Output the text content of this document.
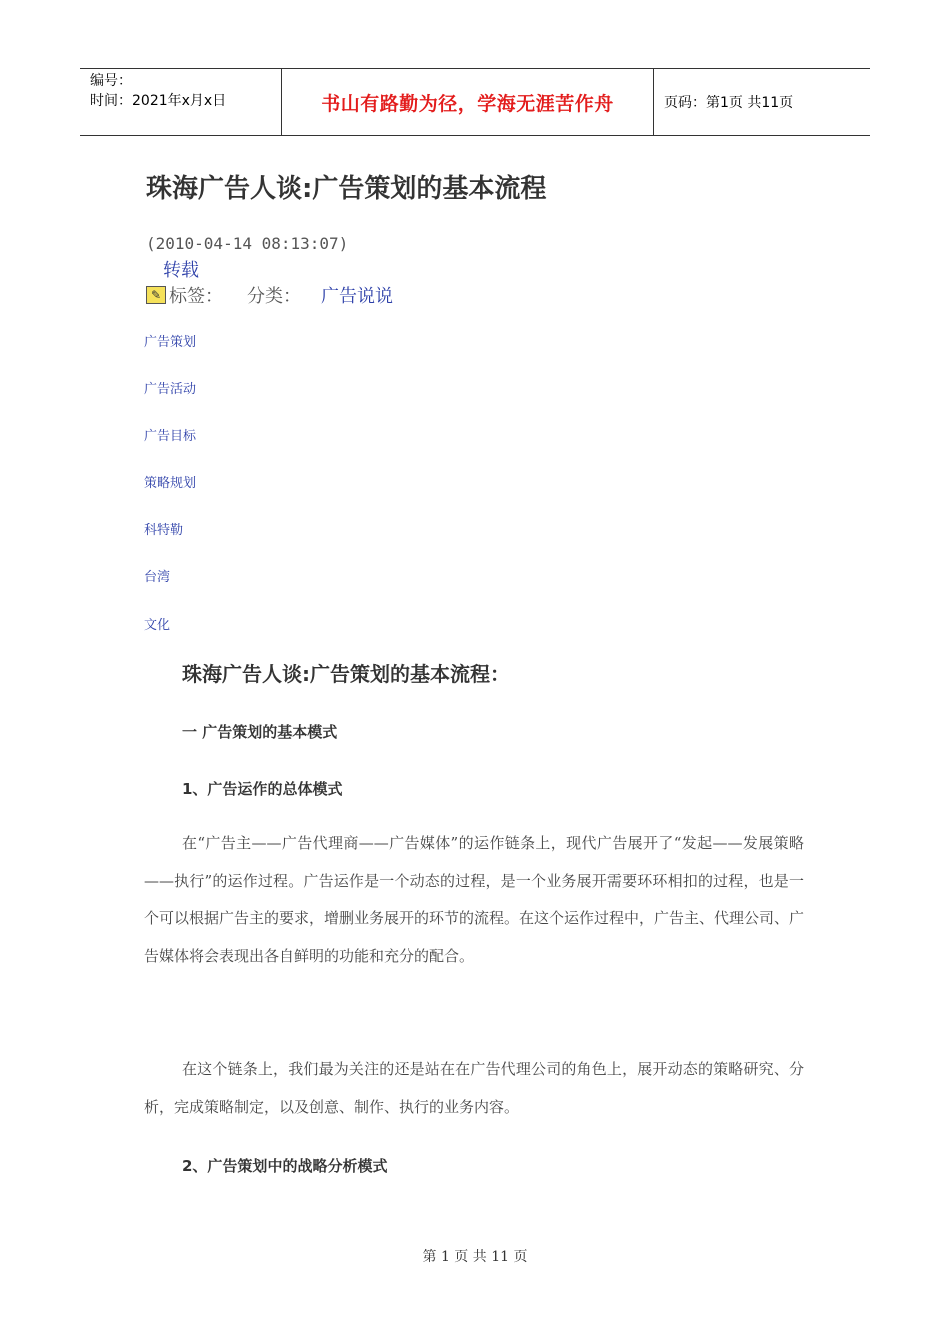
编号：
时间：2021年x月x日	书山有路勤为径，学海无涯苦作舟	页码：第1页 共11页
珠海广告人谈:广告策划的基本流程
(2010-04-14 08:13:07)
转载
✎ 标签： 分类： 广告说说
广告策划
广告活动
广告目标
策略规划
科特勒
台湾
文化
珠海广告人谈:广告策划的基本流程：
一 广告策划的基本模式
1、广告运作的总体模式
在“广告主——广告代理商——广告媒体”的运作链条上，现代广告展开了“发起——发展策略——执行”的运作过程。广告运作是一个动态的过程，是一个业务展开需要环环相扣的过程，也是一个可以根据广告主的要求，增删业务展开的环节的流程。在这个运作过程中，广告主、代理公司、广告媒体将会表现出各自鲜明的功能和充分的配合。
在这个链条上，我们最为关注的还是站在在广告代理公司的角色上，展开动态的策略研究、分析，完成策略制定，以及创意、制作、执行的业务内容。
2、广告策划中的战略分析模式
第 1 页 共 11 页
